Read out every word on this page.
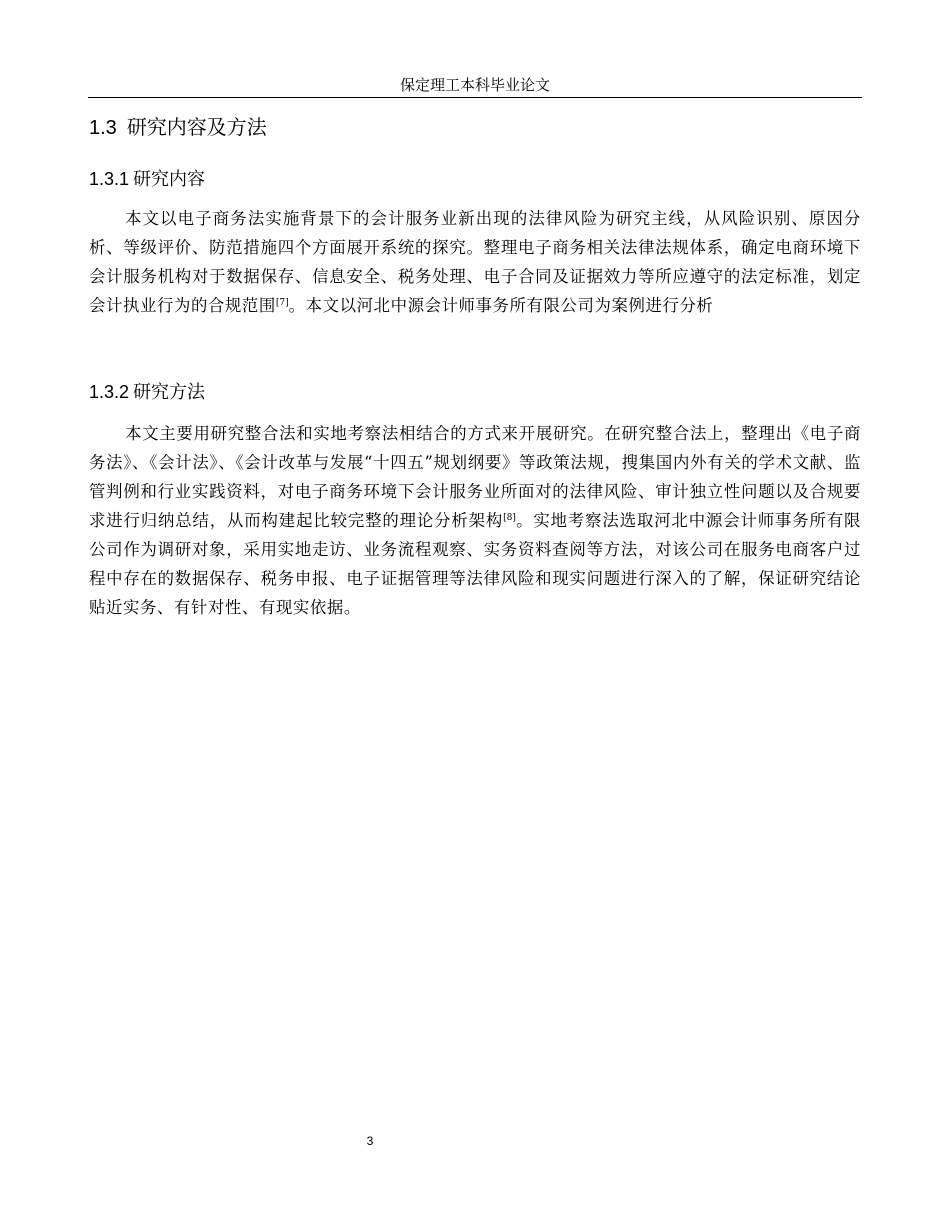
保定理工本科毕业论文
1.3 研究内容及方法
1.3.1 研究内容
本文以电子商务法实施背景下的会计服务业新出现的法律风险为研究主线，从风险识别、原因分析、等级评价、防范措施四个方面展开系统的探究。整理电子商务相关法律法规体系，确定电商环境下会计服务机构对于数据保存、信息安全、税务处理、电子合同及证据效力等所应遵守的法定标准，划定会计执业行为的合规范围[7]。本文以河北中源会计师事务所有限公司为案例进行分析
1.3.2 研究方法
本文主要用研究整合法和实地考察法相结合的方式来开展研究。在研究整合法上，整理出《电子商务法》、《会计法》、《会计改革与发展“十四五”规划纲要》等政策法规，搜集国内外有关的学术文献、监管判例和行业实践资料，对电子商务环境下会计服务业所面对的法律风险、审计独立性问题以及合规要求进行归纳总结，从而构建起比较完整的理论分析架构[8]。实地考察法选取河北中源会计师事务所有限公司作为调研对象，采用实地走访、业务流程观察、实务资料查阅等方法，对该公司在服务电商客户过程中存在的数据保存、税务申报、电子证据管理等法律风险和现实问题进行深入的了解，保证研究结论贴近实务、有针对性、有现实依据。
3
